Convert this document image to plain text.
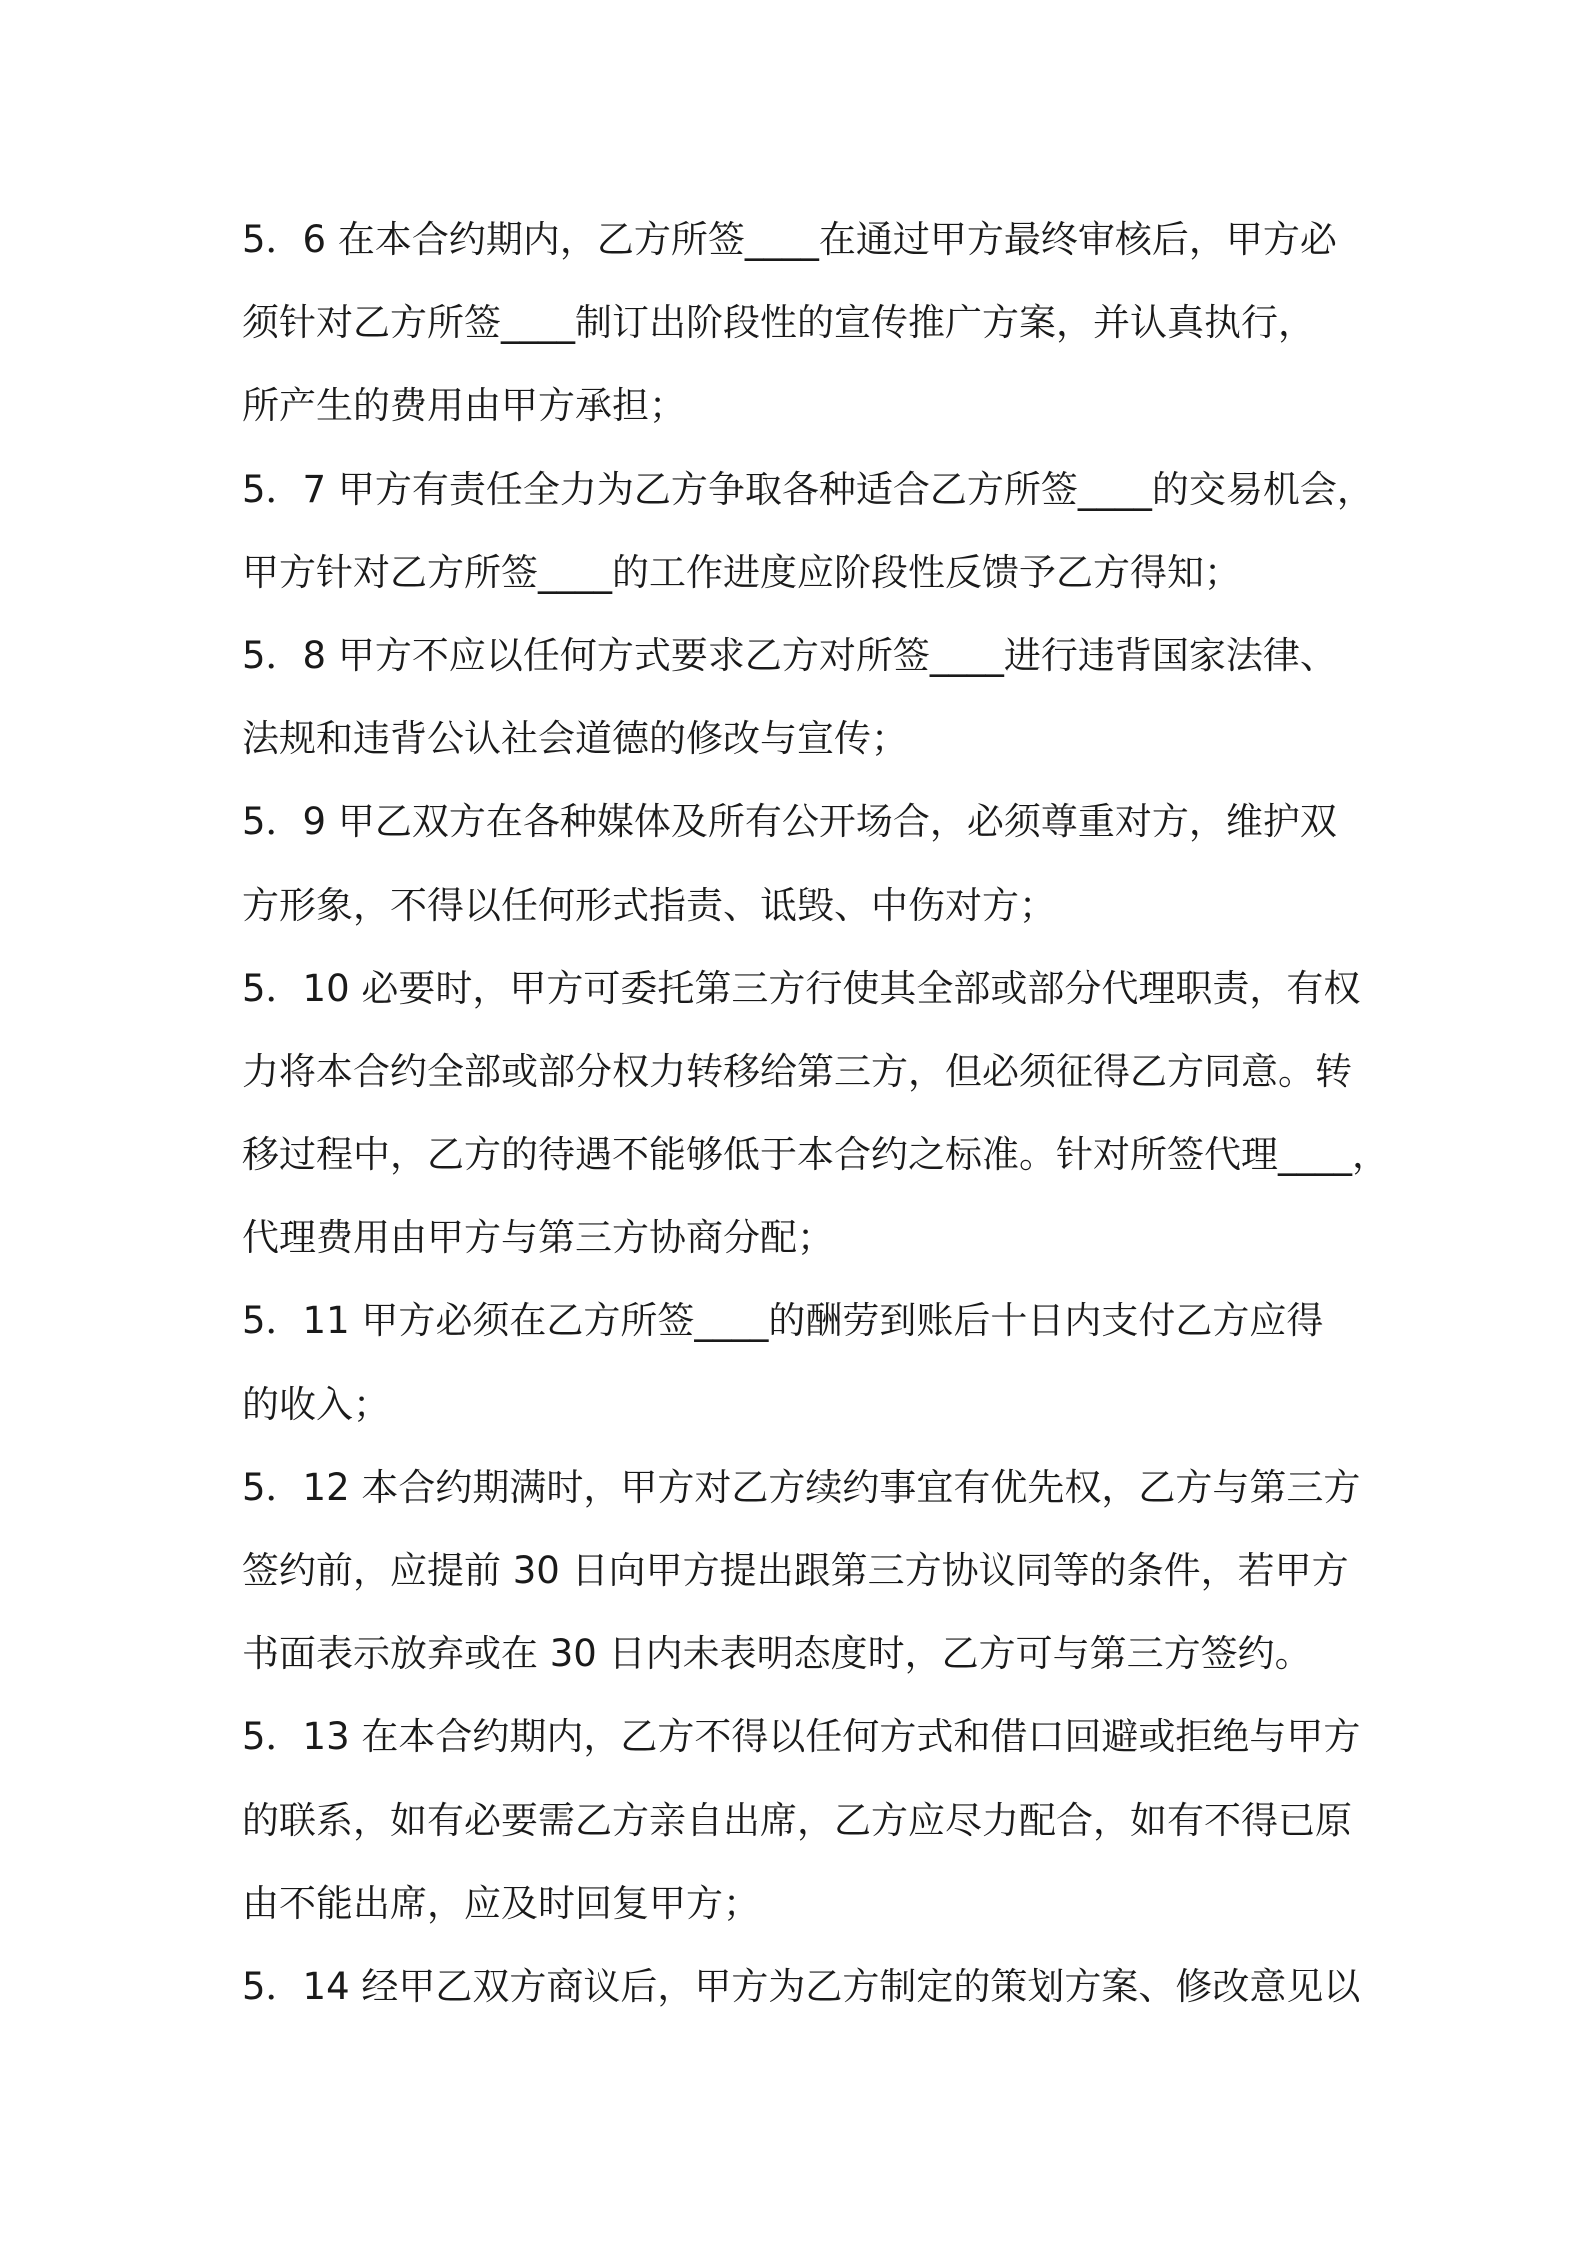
5．6 在本合约期内，乙方所签____在通过甲方最终审核后，甲方必
须针对乙方所签____制订出阶段性的宣传推广方案，并认真执行，
所产生的费用由甲方承担；
5．7 甲方有责任全力为乙方争取各种适合乙方所签____的交易机会，
甲方针对乙方所签____的工作进度应阶段性反馈予乙方得知；
5．8 甲方不应以任何方式要求乙方对所签____进行违背国家法律、
法规和违背公认社会道德的修改与宣传；
5．9 甲乙双方在各种媒体及所有公开场合，必须尊重对方，维护双
方形象，不得以任何形式指责、诋毁、中伤对方；
5．10 必要时，甲方可委托第三方行使其全部或部分代理职责，有权
力将本合约全部或部分权力转移给第三方，但必须征得乙方同意。转
移过程中，乙方的待遇不能够低于本合约之标准。针对所签代理____，
代理费用由甲方与第三方协商分配；
5．11 甲方必须在乙方所签____的酬劳到账后十日内支付乙方应得
的收入；
5．12 本合约期满时，甲方对乙方续约事宜有优先权，乙方与第三方
签约前，应提前 30 日向甲方提出跟第三方协议同等的条件，若甲方
书面表示放弃或在 30 日内未表明态度时，乙方可与第三方签约。
5．13 在本合约期内，乙方不得以任何方式和借口回避或拒绝与甲方
的联系，如有必要需乙方亲自出席，乙方应尽力配合，如有不得已原
由不能出席，应及时回复甲方；
5．14 经甲乙双方商议后，甲方为乙方制定的策划方案、修改意见以
